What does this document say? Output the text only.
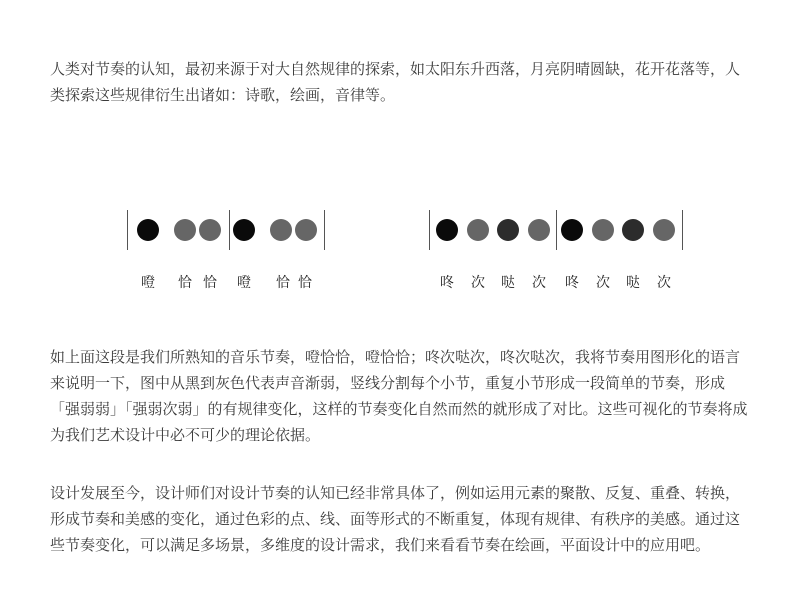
人类对节奏的认知，最初来源于对大自然规律的探索，如太阳东升西落，月亮阴晴圆缺，花开花落等，人类探索这些规律衍生出诸如：诗歌，绘画，音律等。

噔 恰 恰 噔 恰 恰	咚 次 哒 次 咚 次 哒 次

如上面这段是我们所熟知的音乐节奏，噔恰恰，噔恰恰；咚次哒次，咚次哒次，我将节奏用图形化的语言来说明一下，图中从黑到灰色代表声音渐弱，竖线分割每个小节，重复小节形成一段简单的节奏，形成「强弱弱」「强弱次弱」的有规律变化，这样的节奏变化自然而然的就形成了对比。这些可视化的节奏将成为我们艺术设计中必不可少的理论依据。

设计发展至今，设计师们对设计节奏的认知已经非常具体了，例如运用元素的聚散、反复、重叠、转换，形成节奏和美感的变化，通过色彩的点、线、面等形式的不断重复，体现有规律、有秩序的美感。通过这些节奏变化，可以满足多场景，多维度的设计需求，我们来看看节奏在绘画，平面设计中的应用吧。
